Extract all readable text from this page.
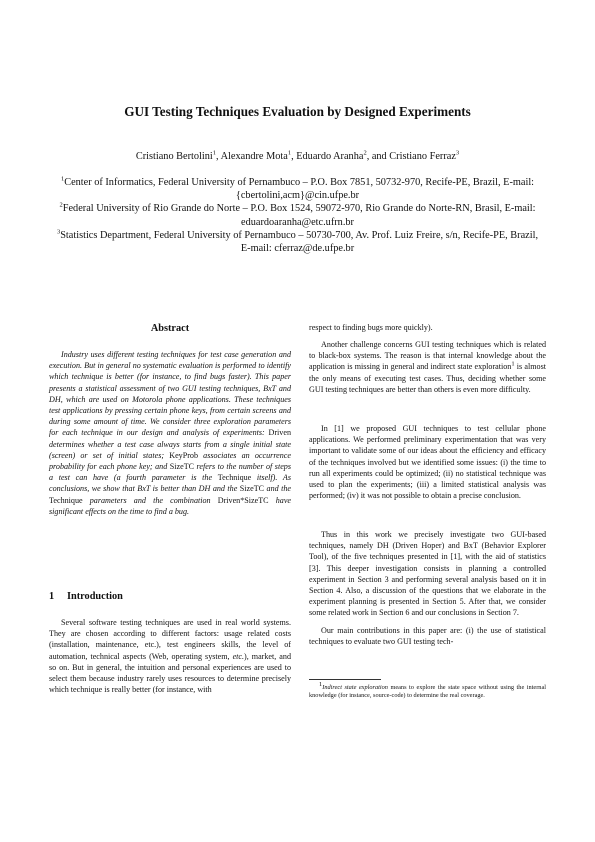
GUI Testing Techniques Evaluation by Designed Experiments
Cristiano Bertolini$^1$, Alexandre Mota$^1$, Eduardo Aranha$^2$, and Cristiano Ferraz$^3$

$^1$Center of Informatics, Federal University of Pernambuco – P.O. Box 7851, 50732-970, Recife-PE, Brazil, E-mail: {cbertolini,acm}@cin.ufpe.br

$^2$Federal University of Rio Grande do Norte – P.O. Box 1524, 59072-970, Rio Grande do Norte-RN, Brasil, E-mail: eduardoaranha@etc.ufrn.br

$^3$Statistics Department, Federal University of Pernambuco – 50730-700, Av. Prof. Luiz Freire, s/n, Recife-PE, Brazil, E-mail: cferraz@de.ufpe.br

Abstract

Industry uses different testing techniques for test case generation and execution. But in general no systematic evaluation is performed to identify which technique is better (for instance, to find bugs faster). This paper presents a statistical assessment of two GUI testing techniques, BxT and DH, which are used on Motorola phone applications. These techniques test applications by pressing certain phone keys, from certain screens and during some amount of time. We consider three exploration parameters for each technique in our design and analysis of experiments: Driven determines whether a test case always starts from a single initial state (screen) or set of initial states; KeyProb associates an occurrence probability for each phone key; and SizeTC refers to the number of steps a test can have (a fourth parameter is the Technique itself). As conclusions, we show that BxT is better than DH and the SizeTC and the Technique parameters and the combination Driven*SizeTC have significant effects on the time to find a bug.

1 Introduction

Several software testing techniques are used in real world systems. They are chosen according to different factors: usage related costs (installation, maintenance, etc.), test engineers skills, the level of automation, technical aspects (Web, operating system, etc.), market, and so on. But in general, the intuition and personal experiences are used to select them because industry rarely uses resources to determine precisely which technique is really better (for instance, with

respect to finding bugs more quickly).

Another challenge concerns GUI testing techniques which is related to black-box systems. The reason is that internal knowledge about the application is missing in general and indirect state exploration$^1$ is almost the only means of executing test cases. Thus, deciding whether some GUI testing techniques are better than others is even more difficulty.

In [1] we proposed GUI techniques to test cellular phone applications. We performed preliminary experimentation that was very important to validate some of our ideas about the efficiency and efficacy of the techniques involved but we identified some issues: (i) the time to run all experiments could be optimized; (ii) no statistical technique was used to plan the experiments; (iii) a limited statistical analysis was performed; (iv) it was not possible to obtain a precise conclusion.

Thus in this work we precisely investigate two GUI-based techniques, namely DH (Driven Hoper) and BxT (Behavior Explorer Tool), of the five techniques presented in [1], with the aid of statistics [3]. This deeper investigation consists in planning a controlled experiment in Section 3 and performing several analysis based on it in Section 4. Also, a discussion of the questions that we elaborate in the experiment planning is presented in Section 5. After that, we consider some related work in Section 6 and our conclusions in Section 7.

Our main contributions in this paper are: (i) the use of statistical techniques to evaluate two GUI testing tech-

$^1$Indirect state exploration means to explore the state space without using the internal knowledge (for instance, source-code) to determine the real coverage.
